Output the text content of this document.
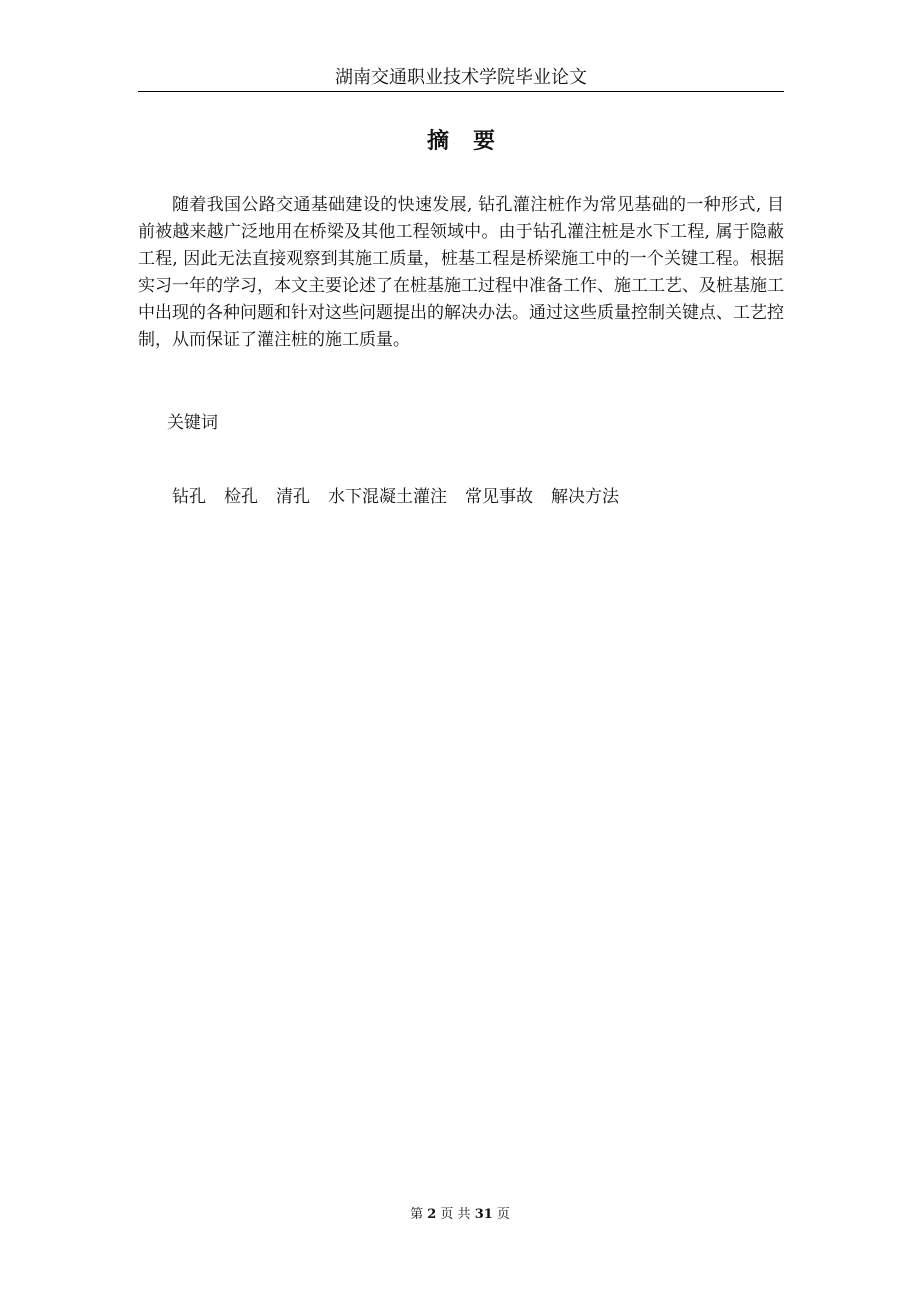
湖南交通职业技术学院毕业论文
摘要

随着我国公路交通基础建设的快速发展, 钻孔灌注桩作为常见基础的一种形式, 目前被越来越广泛地用在桥梁及其他工程领域中。由于钻孔灌注桩是水下工程, 属于隐蔽工程, 因此无法直接观察到其施工质量，桩基工程是桥梁施工中的一个关键工程。根据实习一年的学习，本文主要论述了在桩基施工过程中准备工作、施工工艺、及桩基施工中出现的各种问题和针对这些问题提出的解决办法。通过这些质量控制关键点、工艺控制，从而保证了灌注桩的施工质量。

关键词
钻孔 检孔 清孔 水下混凝土灌注 常见事故 解决方法
第 2 页 共 31 页
